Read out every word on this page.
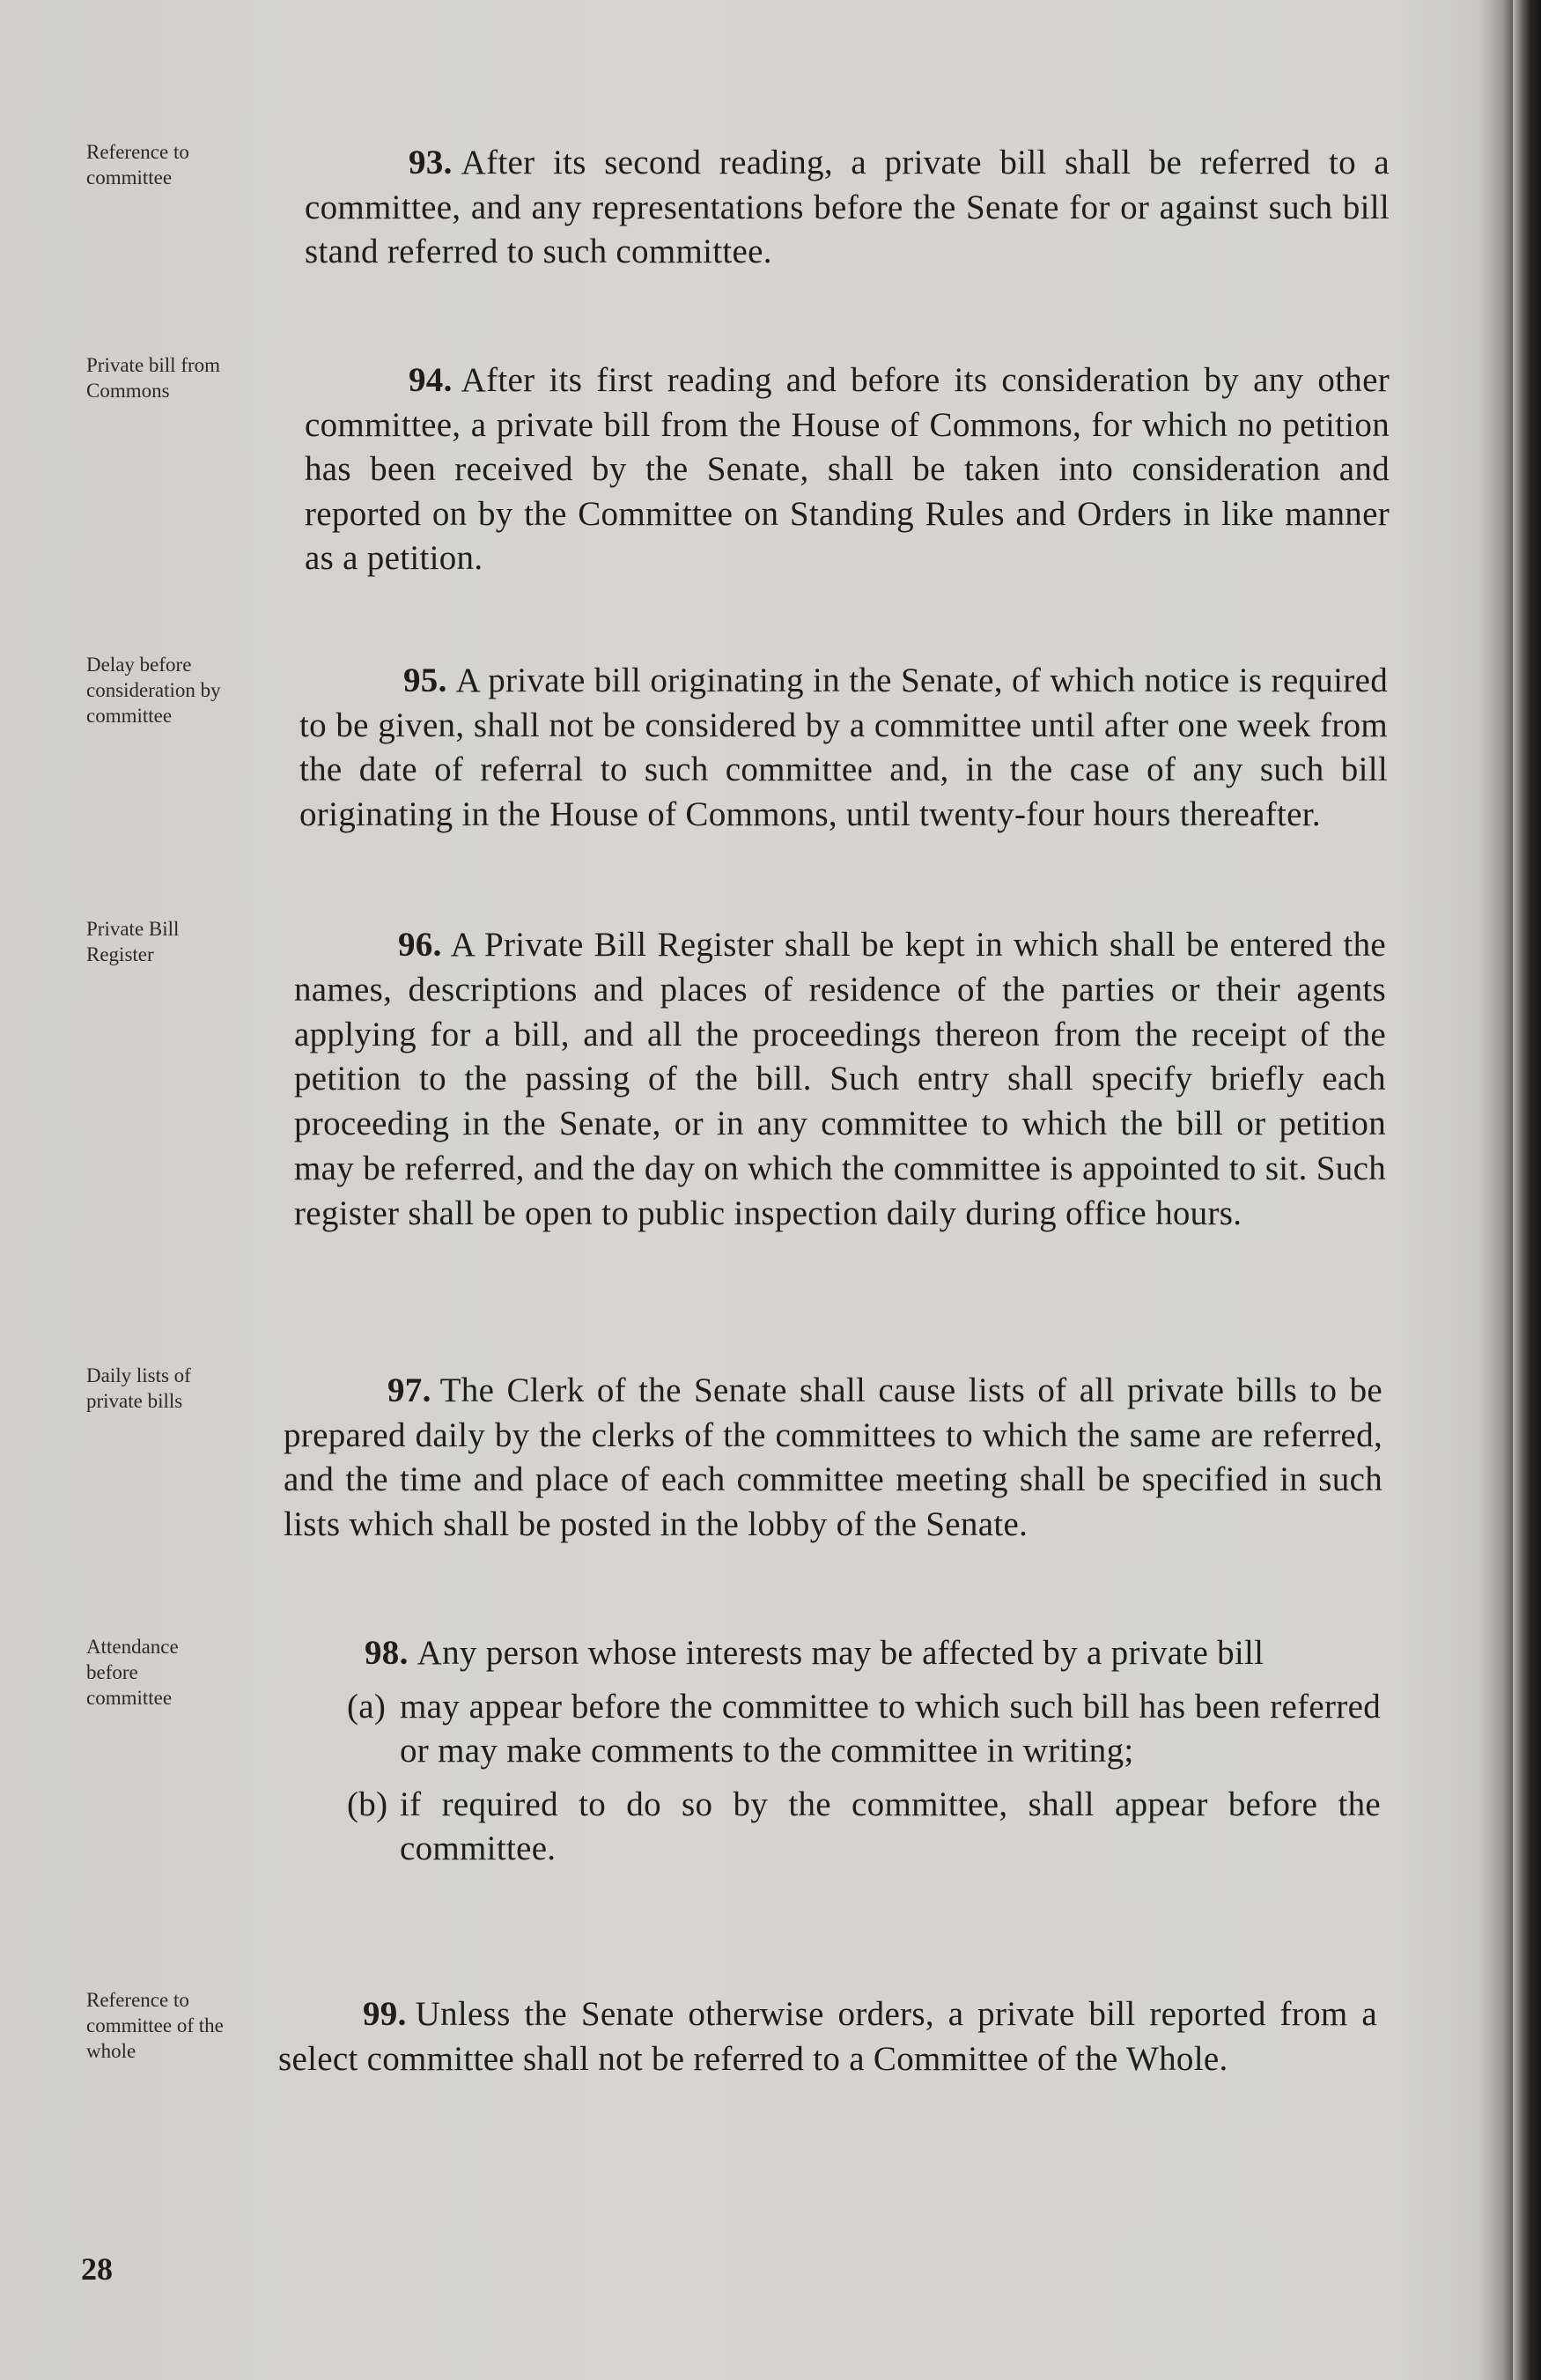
Reference to committee
Private bill from Commons
Delay before consideration by committee
Private Bill Register
Daily lists of private bills
Attendance before committee
Reference to committee of the whole

93. After its second reading, a private bill shall be referred to a committee, and any representations before the Senate for or against such bill stand referred to such committee.

94. After its first reading and before its consideration by any other committee, a private bill from the House of Commons, for which no petition has been received by the Senate, shall be taken into consideration and reported on by the Committee on Standing Rules and Orders in like manner as a petition.

95. A private bill originating in the Senate, of which notice is required to be given, shall not be considered by a committee until after one week from the date of referral to such committee and, in the case of any such bill originating in the House of Commons, until twenty-four hours thereafter.

96. A Private Bill Register shall be kept in which shall be entered the names, descriptions and places of residence of the parties or their agents applying for a bill, and all the proceedings thereon from the receipt of the petition to the passing of the bill. Such entry shall specify briefly each proceeding in the Senate, or in any committee to which the bill or petition may be referred, and the day on which the committee is appointed to sit. Such register shall be open to public inspection daily during office hours.

97. The Clerk of the Senate shall cause lists of all private bills to be prepared daily by the clerks of the committees to which the same are referred, and the time and place of each committee meeting shall be specified in such lists which shall be posted in the lobby of the Senate.

98. Any person whose interests may be affected by a private bill

(a) may appear before the committee to which such bill has been referred or may make comments to the committee in writing;
(b) if required to do so by the committee, shall appear before the committee.

99. Unless the Senate otherwise orders, a private bill reported from a select committee shall not be referred to a Committee of the Whole.

28
